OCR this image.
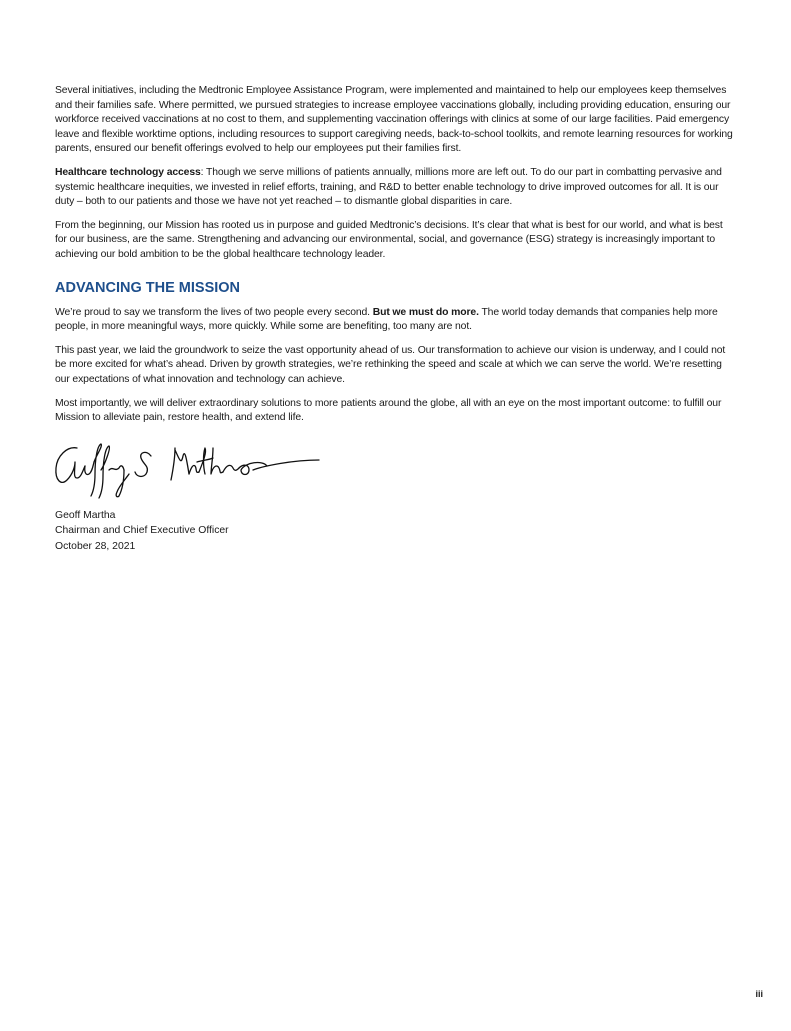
Several initiatives, including the Medtronic Employee Assistance Program, were implemented and maintained to help our employees keep themselves and their families safe. Where permitted, we pursued strategies to increase employee vaccinations globally, including providing education, ensuring our workforce received vaccinations at no cost to them, and supplementing vaccination offerings with clinics at some of our large facilities. Paid emergency leave and flexible worktime options, including resources to support caregiving needs, back-to-school toolkits, and remote learning resources for working parents, ensured our benefit offerings evolved to help our employees put their families first.

Healthcare technology access: Though we serve millions of patients annually, millions more are left out. To do our part in combatting pervasive and systemic healthcare inequities, we invested in relief efforts, training, and R&D to better enable technology to drive improved outcomes for all. It is our duty – both to our patients and those we have not yet reached – to dismantle global disparities in care.

From the beginning, our Mission has rooted us in purpose and guided Medtronic’s decisions. It’s clear that what is best for our world, and what is best for our business, are the same. Strengthening and advancing our environmental, social, and governance (ESG) strategy is increasingly important to achieving our bold ambition to be the global healthcare technology leader.

ADVANCING THE MISSION

We’re proud to say we transform the lives of two people every second. But we must do more. The world today demands that companies help more people, in more meaningful ways, more quickly. While some are benefiting, too many are not.

This past year, we laid the groundwork to seize the vast opportunity ahead of us. Our transformation to achieve our vision is underway, and I could not be more excited for what’s ahead. Driven by growth strategies, we’re rethinking the speed and scale at which we can serve the world. We’re resetting our expectations of what innovation and technology can achieve.

Most importantly, we will deliver extraordinary solutions to more patients around the globe, all with an eye on the most important outcome: to fulfill our Mission to alleviate pain, restore health, and extend life.

Geoff Martha
Chairman and Chief Executive Officer
October 28, 2021
iii
